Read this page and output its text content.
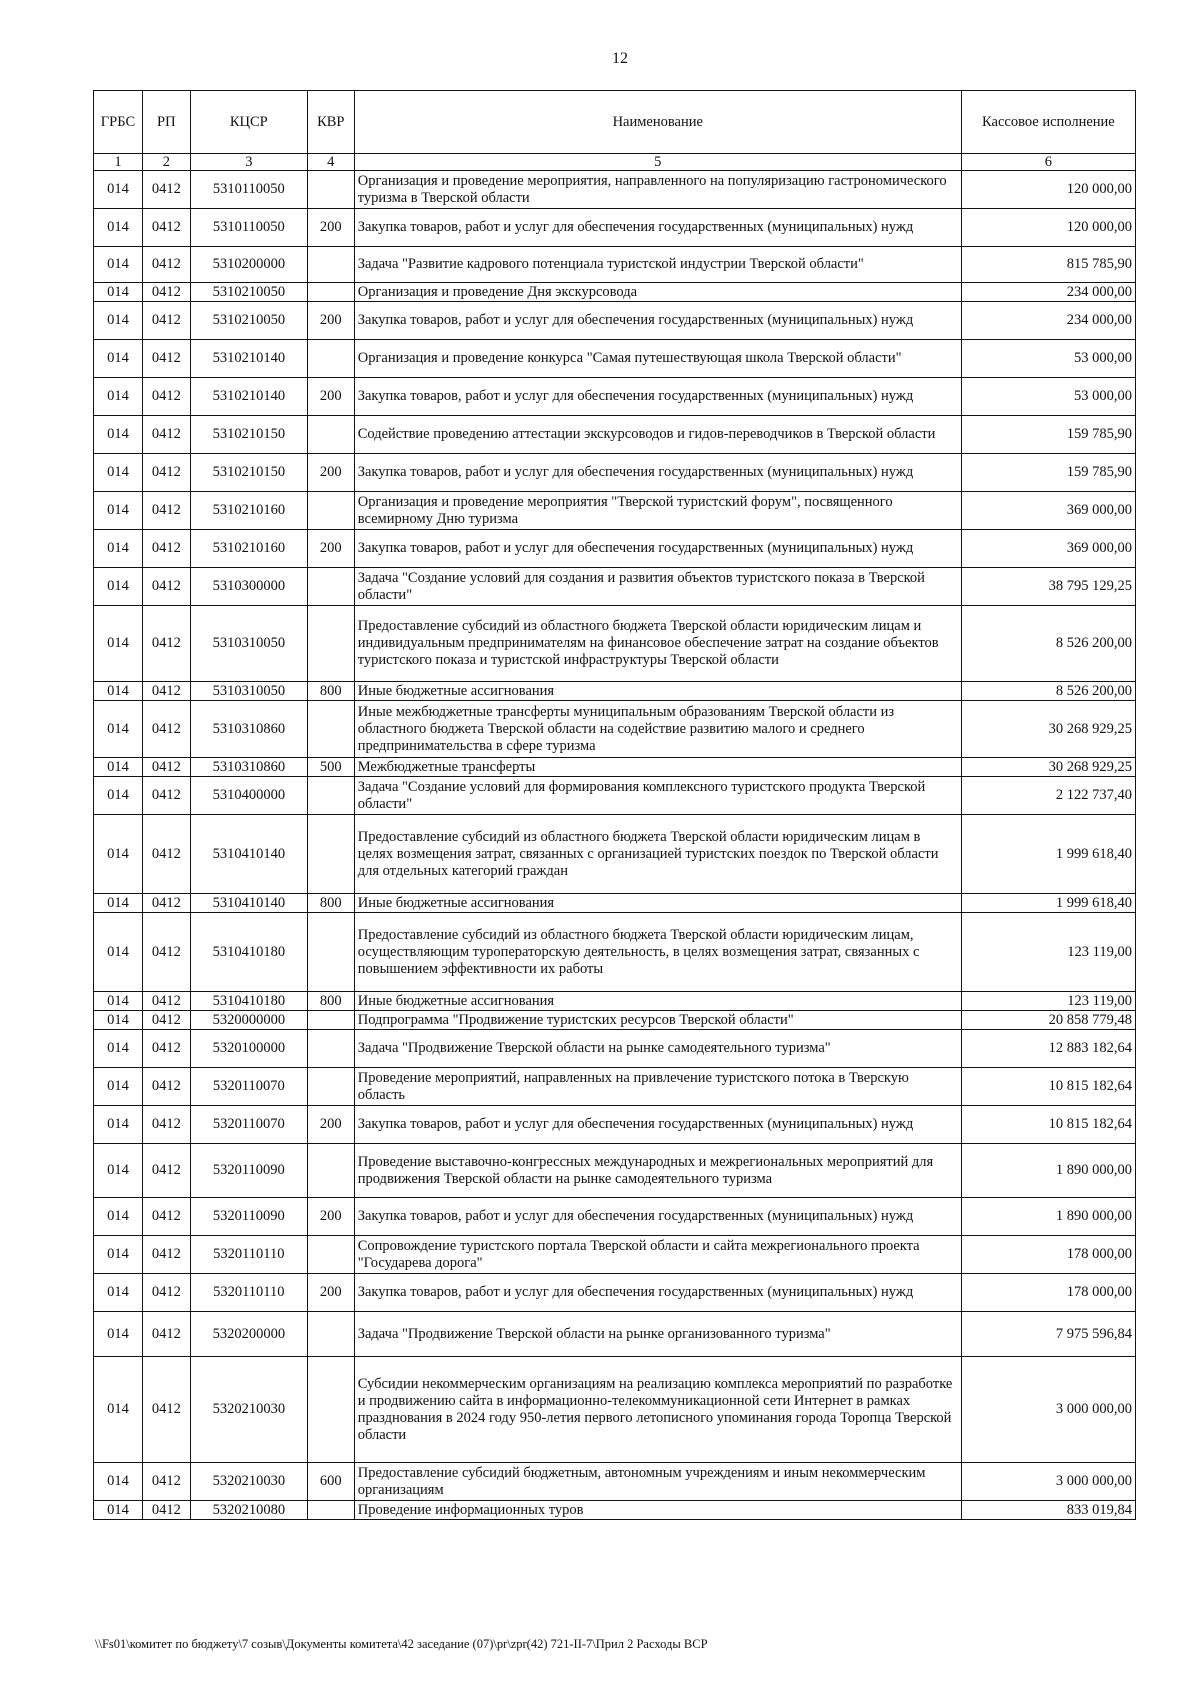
12
ГРБС	РП	КЦСР	КВР	Наименование	Кассовое исполнение
1	2	3	4	5	6
014	0412	5310110050		Организация и проведение мероприятия, направленного на популяризацию гастрономического туризма в Тверской области	120 000,00
014	0412	5310110050	200	Закупка товаров, работ и услуг для обеспечения государственных (муниципальных) нужд	120 000,00
014	0412	5310200000		Задача "Развитие кадрового потенциала туристской индустрии Тверской области"	815 785,90
014	0412	5310210050		Организация и проведение Дня экскурсовода	234 000,00
014	0412	5310210050	200	Закупка товаров, работ и услуг для обеспечения государственных (муниципальных) нужд	234 000,00
014	0412	5310210140		Организация и проведение конкурса "Самая путешествующая школа Тверской области"	53 000,00
014	0412	5310210140	200	Закупка товаров, работ и услуг для обеспечения государственных (муниципальных) нужд	53 000,00
014	0412	5310210150		Содействие проведению аттестации экскурсоводов и гидов-переводчиков в Тверской области	159 785,90
014	0412	5310210150	200	Закупка товаров, работ и услуг для обеспечения государственных (муниципальных) нужд	159 785,90
014	0412	5310210160		Организация и проведение мероприятия "Тверской туристский форум", посвященного всемирному Дню туризма	369 000,00
014	0412	5310210160	200	Закупка товаров, работ и услуг для обеспечения государственных (муниципальных) нужд	369 000,00
014	0412	5310300000		Задача "Создание условий для создания и развития объектов туристского показа в Тверской области"	38 795 129,25
014	0412	5310310050		Предоставление субсидий из областного бюджета Тверской области юридическим лицам и индивидуальным предпринимателям на финансовое обеспечение затрат на создание объектов туристского показа и туристской инфраструктуры Тверской области	8 526 200,00
014	0412	5310310050	800	Иные бюджетные ассигнования	8 526 200,00
014	0412	5310310860		Иные межбюджетные трансферты муниципальным образованиям Тверской области из областного бюджета Тверской области на содействие развитию малого и среднего предпринимательства в сфере туризма	30 268 929,25
014	0412	5310310860	500	Межбюджетные трансферты	30 268 929,25
014	0412	5310400000		Задача "Создание условий для формирования комплексного туристского продукта Тверской области"	2 122 737,40
014	0412	5310410140		Предоставление субсидий из областного бюджета Тверской области юридическим лицам в целях возмещения затрат, связанных с организацией туристских поездок по Тверской области для отдельных категорий граждан	1 999 618,40
014	0412	5310410140	800	Иные бюджетные ассигнования	1 999 618,40
014	0412	5310410180		Предоставление субсидий из областного бюджета Тверской области юридическим лицам, осуществляющим туроператорскую деятельность, в целях возмещения затрат, связанных с повышением эффективности их работы	123 119,00
014	0412	5310410180	800	Иные бюджетные ассигнования	123 119,00
014	0412	5320000000		Подпрограмма "Продвижение туристских ресурсов Тверской области"	20 858 779,48
014	0412	5320100000		Задача "Продвижение Тверской области на рынке самодеятельного туризма"	12 883 182,64
014	0412	5320110070		Проведение мероприятий, направленных на привлечение туристского потока в Тверскую область	10 815 182,64
014	0412	5320110070	200	Закупка товаров, работ и услуг для обеспечения государственных (муниципальных) нужд	10 815 182,64
014	0412	5320110090		Проведение выставочно-конгрессных международных и межрегиональных мероприятий для продвижения Тверской области на рынке самодеятельного туризма	1 890 000,00
014	0412	5320110090	200	Закупка товаров, работ и услуг для обеспечения государственных (муниципальных) нужд	1 890 000,00
014	0412	5320110110		Сопровождение туристского портала Тверской области и сайта межрегионального проекта "Государева дорога"	178 000,00
014	0412	5320110110	200	Закупка товаров, работ и услуг для обеспечения государственных (муниципальных) нужд	178 000,00
014	0412	5320200000		Задача "Продвижение Тверской области на рынке организованного туризма"	7 975 596,84
014	0412	5320210030		Субсидии некоммерческим организациям на реализацию комплекса мероприятий по разработке и продвижению сайта в информационно-телекоммуникационной сети Интернет в рамках празднования в 2024 году 950-летия первого летописного упоминания города Торопца Тверской области	3 000 000,00
014	0412	5320210030	600	Предоставление субсидий бюджетным, автономным учреждениям и иным некоммерческим организациям	3 000 000,00
014	0412	5320210080		Проведение информационных туров	833 019,84
\\Fs01\комитет по бюджету\7 созыв\Документы комитета\42 заседание (07)\pr\zpr(42) 721-II-7\Прил 2 Расходы ВСР
